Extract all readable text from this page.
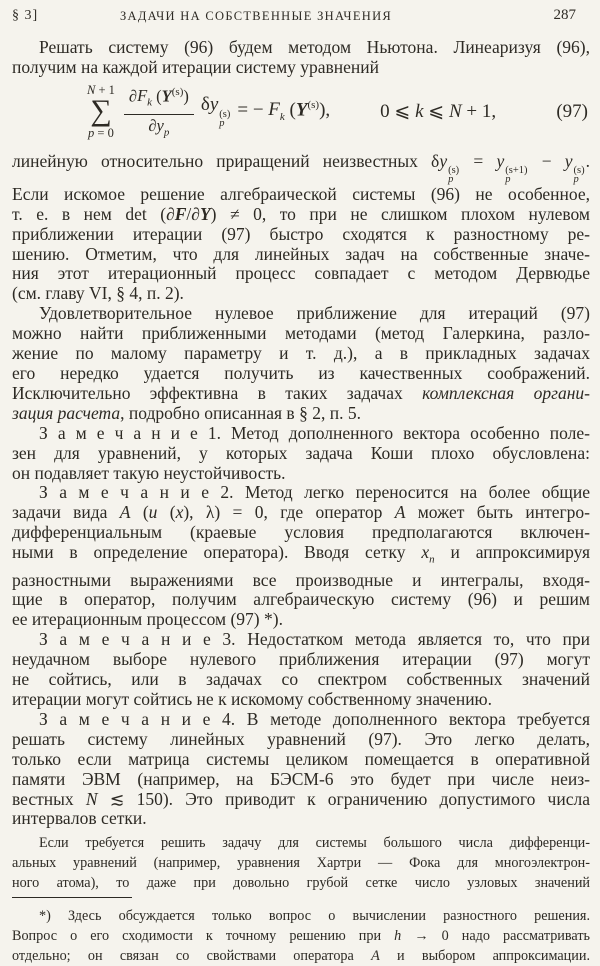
§ 3]	ЗАДАЧИ НА СОБСТВЕННЫЕ ЗНАЧЕНИЯ	287
Решать систему (96) будем методом Ньютона. Линеаризуя (96),
получим на каждой итерации систему уравнений
N + 1
∑
$p = 0 \frac{\partial F_k (Y^{(s)})}{\partial y_p}$ δy (s)
p
= − $F_k$ $(Y^{(s)})$,	0 ⩽ k ⩽ N + 1,	(97)
линейную относительно приращений неизвестных δy (s)
p
= y (s+1)
p
− y (s)
p
.
Если искомое решение алгебраической системы (96) не особенное,
т. е. в нем det (∂F/∂Y) ≠ 0, то при не слишком плохом нулевом
приближении итерации (97) быстро сходятся к разностному ре-
шению. Отметим, что для линейных задач на собственные значе-
ния этот итерационный процесс совпадает с методом Дервюдье
(см. главу VI, § 4, п. 2).
Удовлетворительное нулевое приближение для итераций (97)
можно найти приближенными методами (метод Галеркина, разло-
жение по малому параметру и т. д.), а в прикладных задачах
его нередко удается получить из качественных соображений.
Исключительно эффективна в таких задачах комплексная органи-
зация расчета, подробно описанная в § 2, п. 5.
З а м е ч а н и е 1. Метод дополненного вектора особенно поле-
зен для уравнений, у которых задача Коши плохо обусловлена:
он подавляет такую неустойчивость.
З а м е ч а н и е 2. Метод легко переносится на более общие
задачи вида A (u (x), λ) = 0, где оператор A может быть интегро-
дифференциальным (краевые условия предполагаются включен-
ными в определение оператора). Вводя сетку $x_n$ и аппроксимируя
разностными выражениями все производные и интегралы, входя-
щие в оператор, получим алгебраическую систему (96) и решим
ее итерационным процессом (97) *).
З а м е ч а н и е 3. Недостатком метода является то, что при
неудачном выборе нулевого приближения итерации (97) могут
не сойтись, или в задачах со спектром собственных значений
итерации могут сойтись не к искомому собственному значению.
З а м е ч а н и е 4. В методе дополненного вектора требуется
решать систему линейных уравнений (97). Это легко делать,
только если матрица системы целиком помещается в оперативной
памяти ЭВМ (например, на БЭСМ-6 это будет при числе неиз-
вестных N ≲ 150). Это приводит к ограничению допустимого числа
интервалов сетки.
Если требуется решить задачу для системы большого числа дифференци-
альных уравнений (например, уравнения Хартри — Фока для многоэлектрон-
ного атома), то даже при довольно грубой сетке число узловых значений
*) Здесь обсуждается только вопрос о вычислении разностного решения.
Вопрос о его сходимости к точному решению при h → 0 надо рассматривать
отдельно; он связан со свойствами оператора A и выбором аппроксимации.
